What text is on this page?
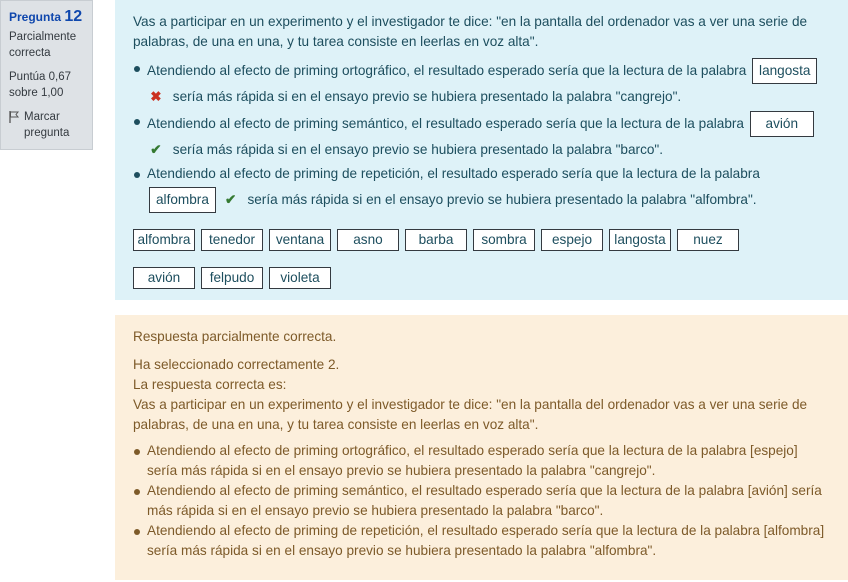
Pregunta 12
Parcialmente correcta
Puntúa 0,67 sobre 1,00
Marcar pregunta

Vas a participar en un experimento y el investigador te dice: "en la pantalla del ordenador vas a ver una serie de palabras, de una en una, y tu tarea consiste en leerlas en voz alta".

Atendiendo al efecto de priming ortográfico, el resultado esperado sería que la lectura de la palabra langosta
✖ sería más rápida si en el ensayo previo se hubiera presentado la palabra "cangrejo".
Atendiendo al efecto de priming semántico, el resultado esperado sería que la lectura de la palabra avión
✔ sería más rápida si en el ensayo previo se hubiera presentado la palabra "barco".
Atendiendo al efecto de priming de repetición, el resultado esperado sería que la lectura de la palabra
alfombra ✔ sería más rápida si en el ensayo previo se hubiera presentado la palabra "alfombra".
alfombra	tenedor	ventana	asno	barba	sombra	espejo	langosta	nuez
avión	felpudo	violeta

Respuesta parcialmente correcta.

Ha seleccionado correctamente 2.

La respuesta correcta es:

Vas a participar en un experimento y el investigador te dice: "en la pantalla del ordenador vas a ver una serie de palabras, de una en una, y tu tarea consiste en leerlas en voz alta".

Atendiendo al efecto de priming ortográfico, el resultado esperado sería que la lectura de la palabra [espejo] sería más rápida si en el ensayo previo se hubiera presentado la palabra "cangrejo".
Atendiendo al efecto de priming semántico, el resultado esperado sería que la lectura de la palabra [avión] sería más rápida si en el ensayo previo se hubiera presentado la palabra "barco".
Atendiendo al efecto de priming de repetición, el resultado esperado sería que la lectura de la palabra [alfombra] sería más rápida si en el ensayo previo se hubiera presentado la palabra "alfombra".
